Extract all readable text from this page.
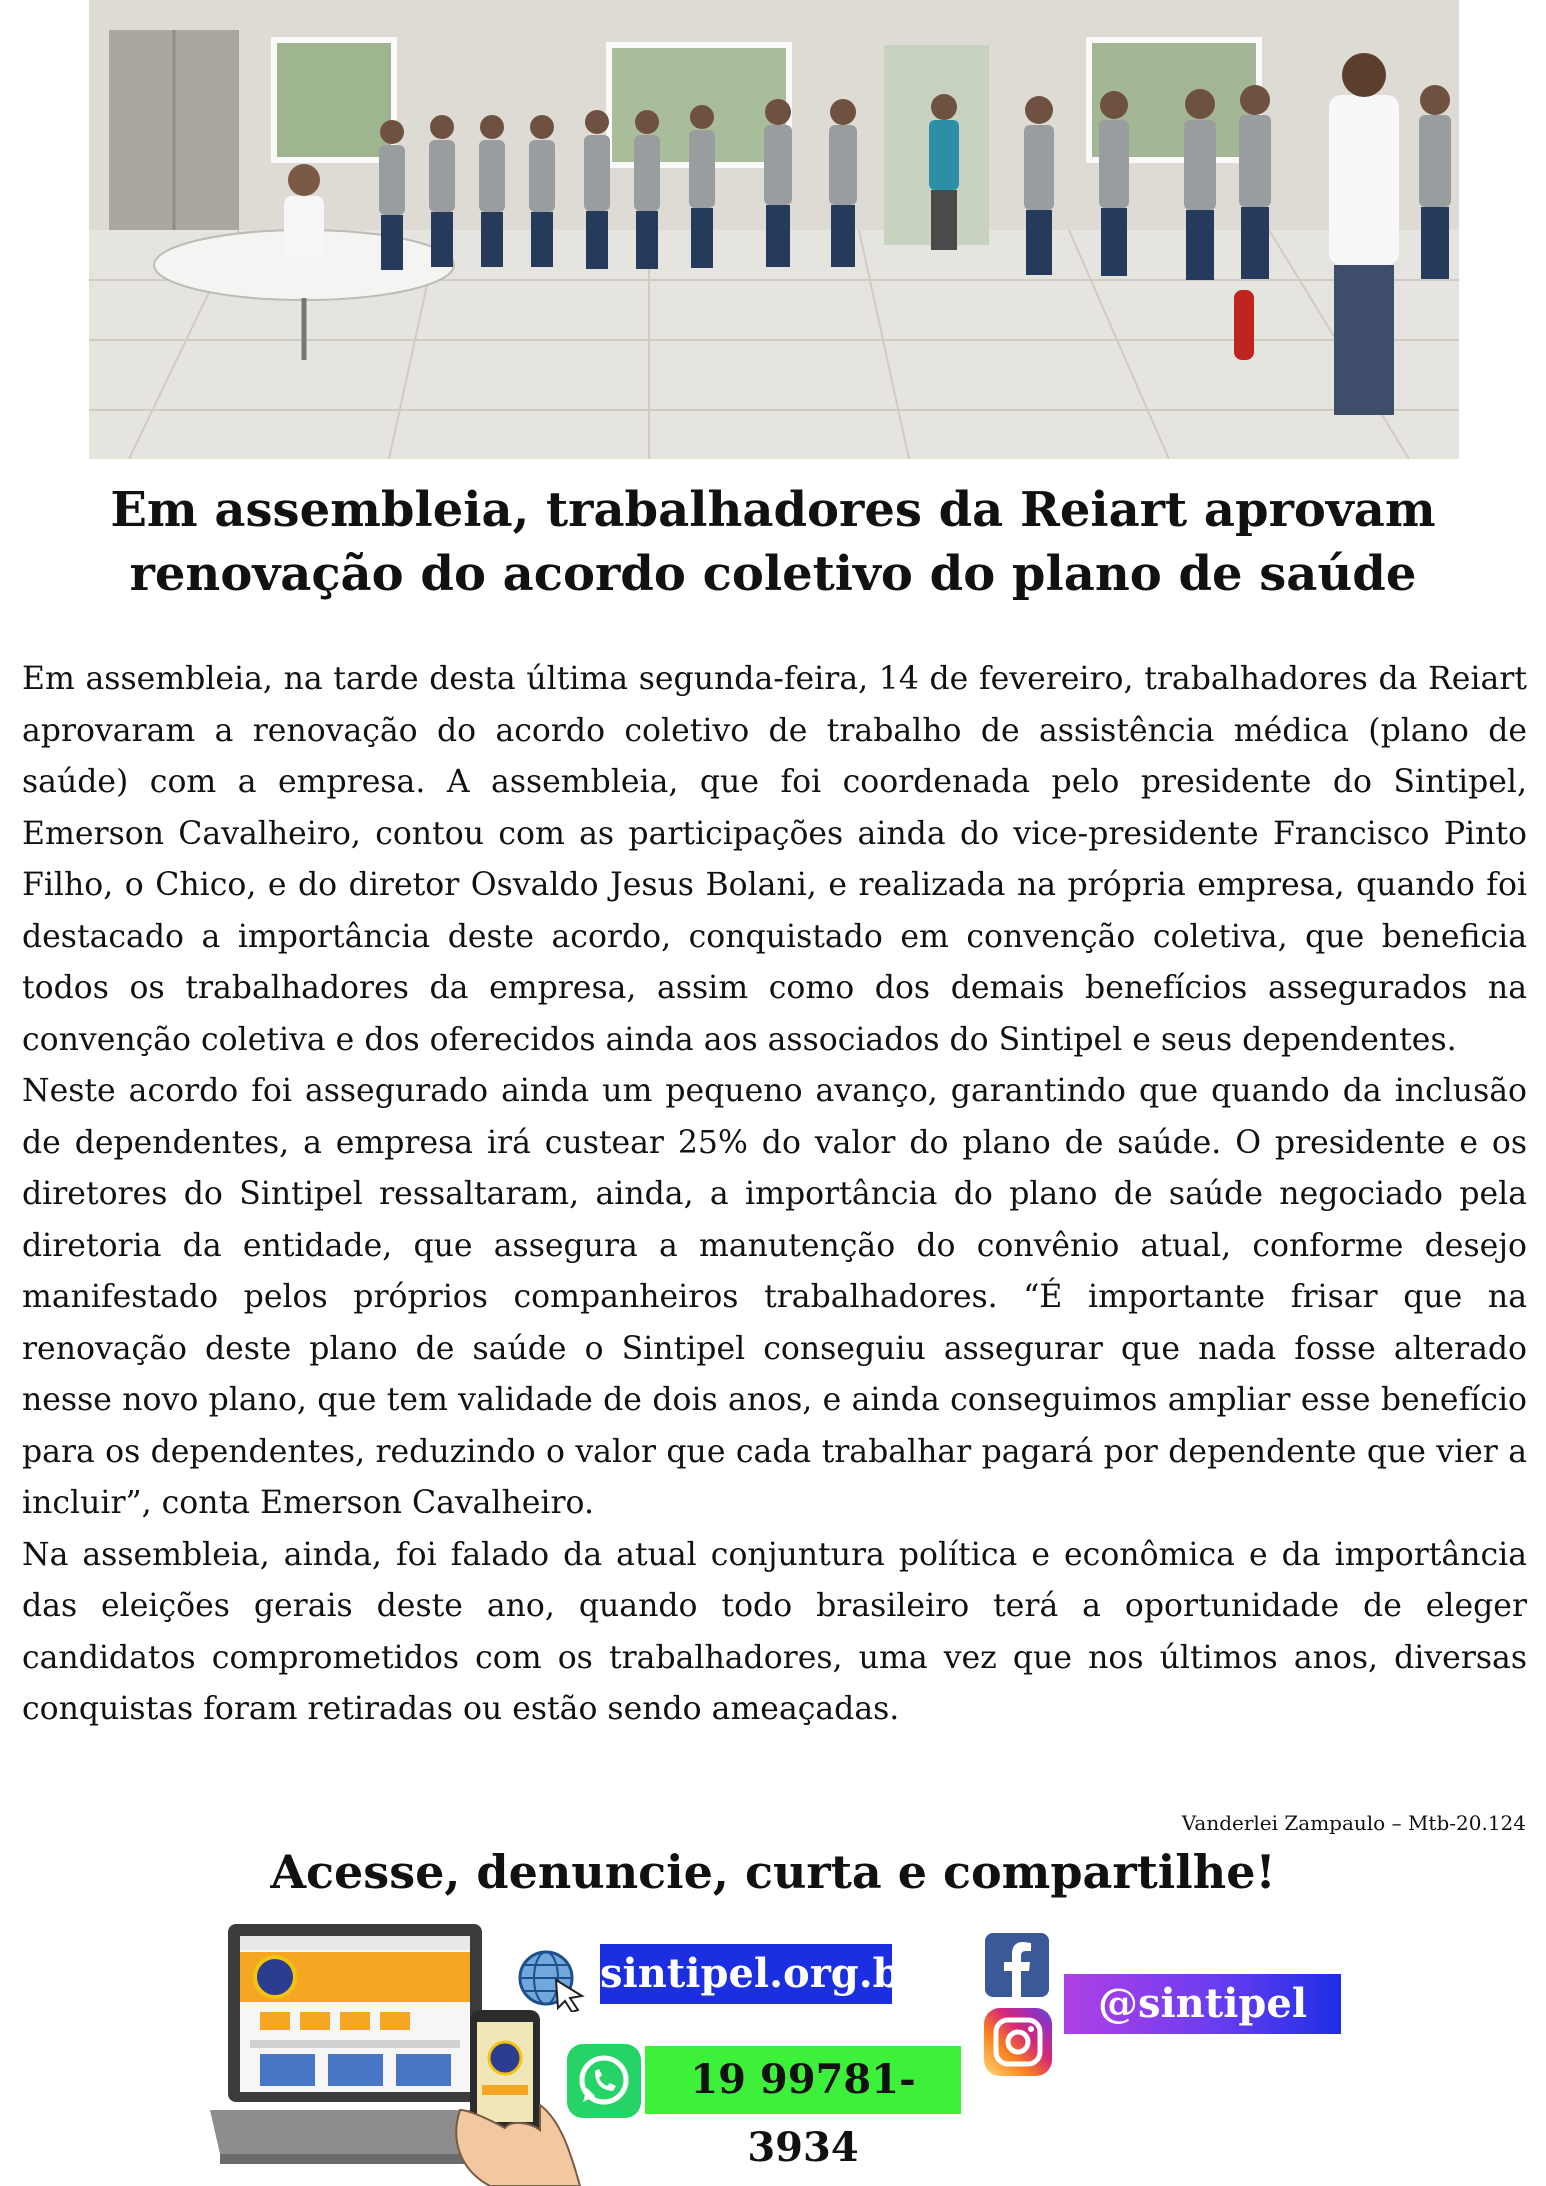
Em assembleia, trabalhadores da Reiart aprovam renovação do acordo coletivo do plano de saúde

Em assembleia, na tarde desta última segunda-feira, 14 de fevereiro, trabalhadores da Reiart aprovaram a renovação do acordo coletivo de trabalho de assistência médica (plano de saúde) com a empresa. A assembleia, que foi coordenada pelo presidente do Sintipel, Emerson Cavalheiro, contou com as participações ainda do vice-presidente Francisco Pinto Filho, o Chico, e do diretor Osvaldo Jesus Bolani, e realizada na própria empresa, quando foi destacado a importância deste acordo, conquistado em convenção coletiva, que beneficia todos os trabalhadores da empresa, assim como dos demais benefícios assegurados na convenção coletiva e dos oferecidos ainda aos associados do Sintipel e seus dependentes.

Neste acordo foi assegurado ainda um pequeno avanço, garantindo que quando da inclusão de dependentes, a empresa irá custear 25% do valor do plano de saúde. O presidente e os diretores do Sintipel ressaltaram, ainda, a importância do plano de saúde negociado pela diretoria da entidade, que assegura a manutenção do convênio atual, conforme desejo manifestado pelos próprios companheiros trabalhadores. “É importante frisar que na renovação deste plano de saúde o Sintipel conseguiu assegurar que nada fosse alterado nesse novo plano, que tem validade de dois anos, e ainda conseguimos ampliar esse benefício para os dependentes, reduzindo o valor que cada trabalhar pagará por dependente que vier a incluir”, conta Emerson Cavalheiro.

Na assembleia, ainda, foi falado da atual conjuntura política e econômica e da importância das eleições gerais deste ano, quando todo brasileiro terá a oportunidade de eleger candidatos comprometidos com os trabalhadores, uma vez que nos últimos anos, diversas conquistas foram retiradas ou estão sendo ameaçadas.

Vanderlei Zampaulo – Mtb-20.124
Acesse, denuncie, curta e compartilhe!
sintipel.org.br
19 99781-3934
@sintipel
